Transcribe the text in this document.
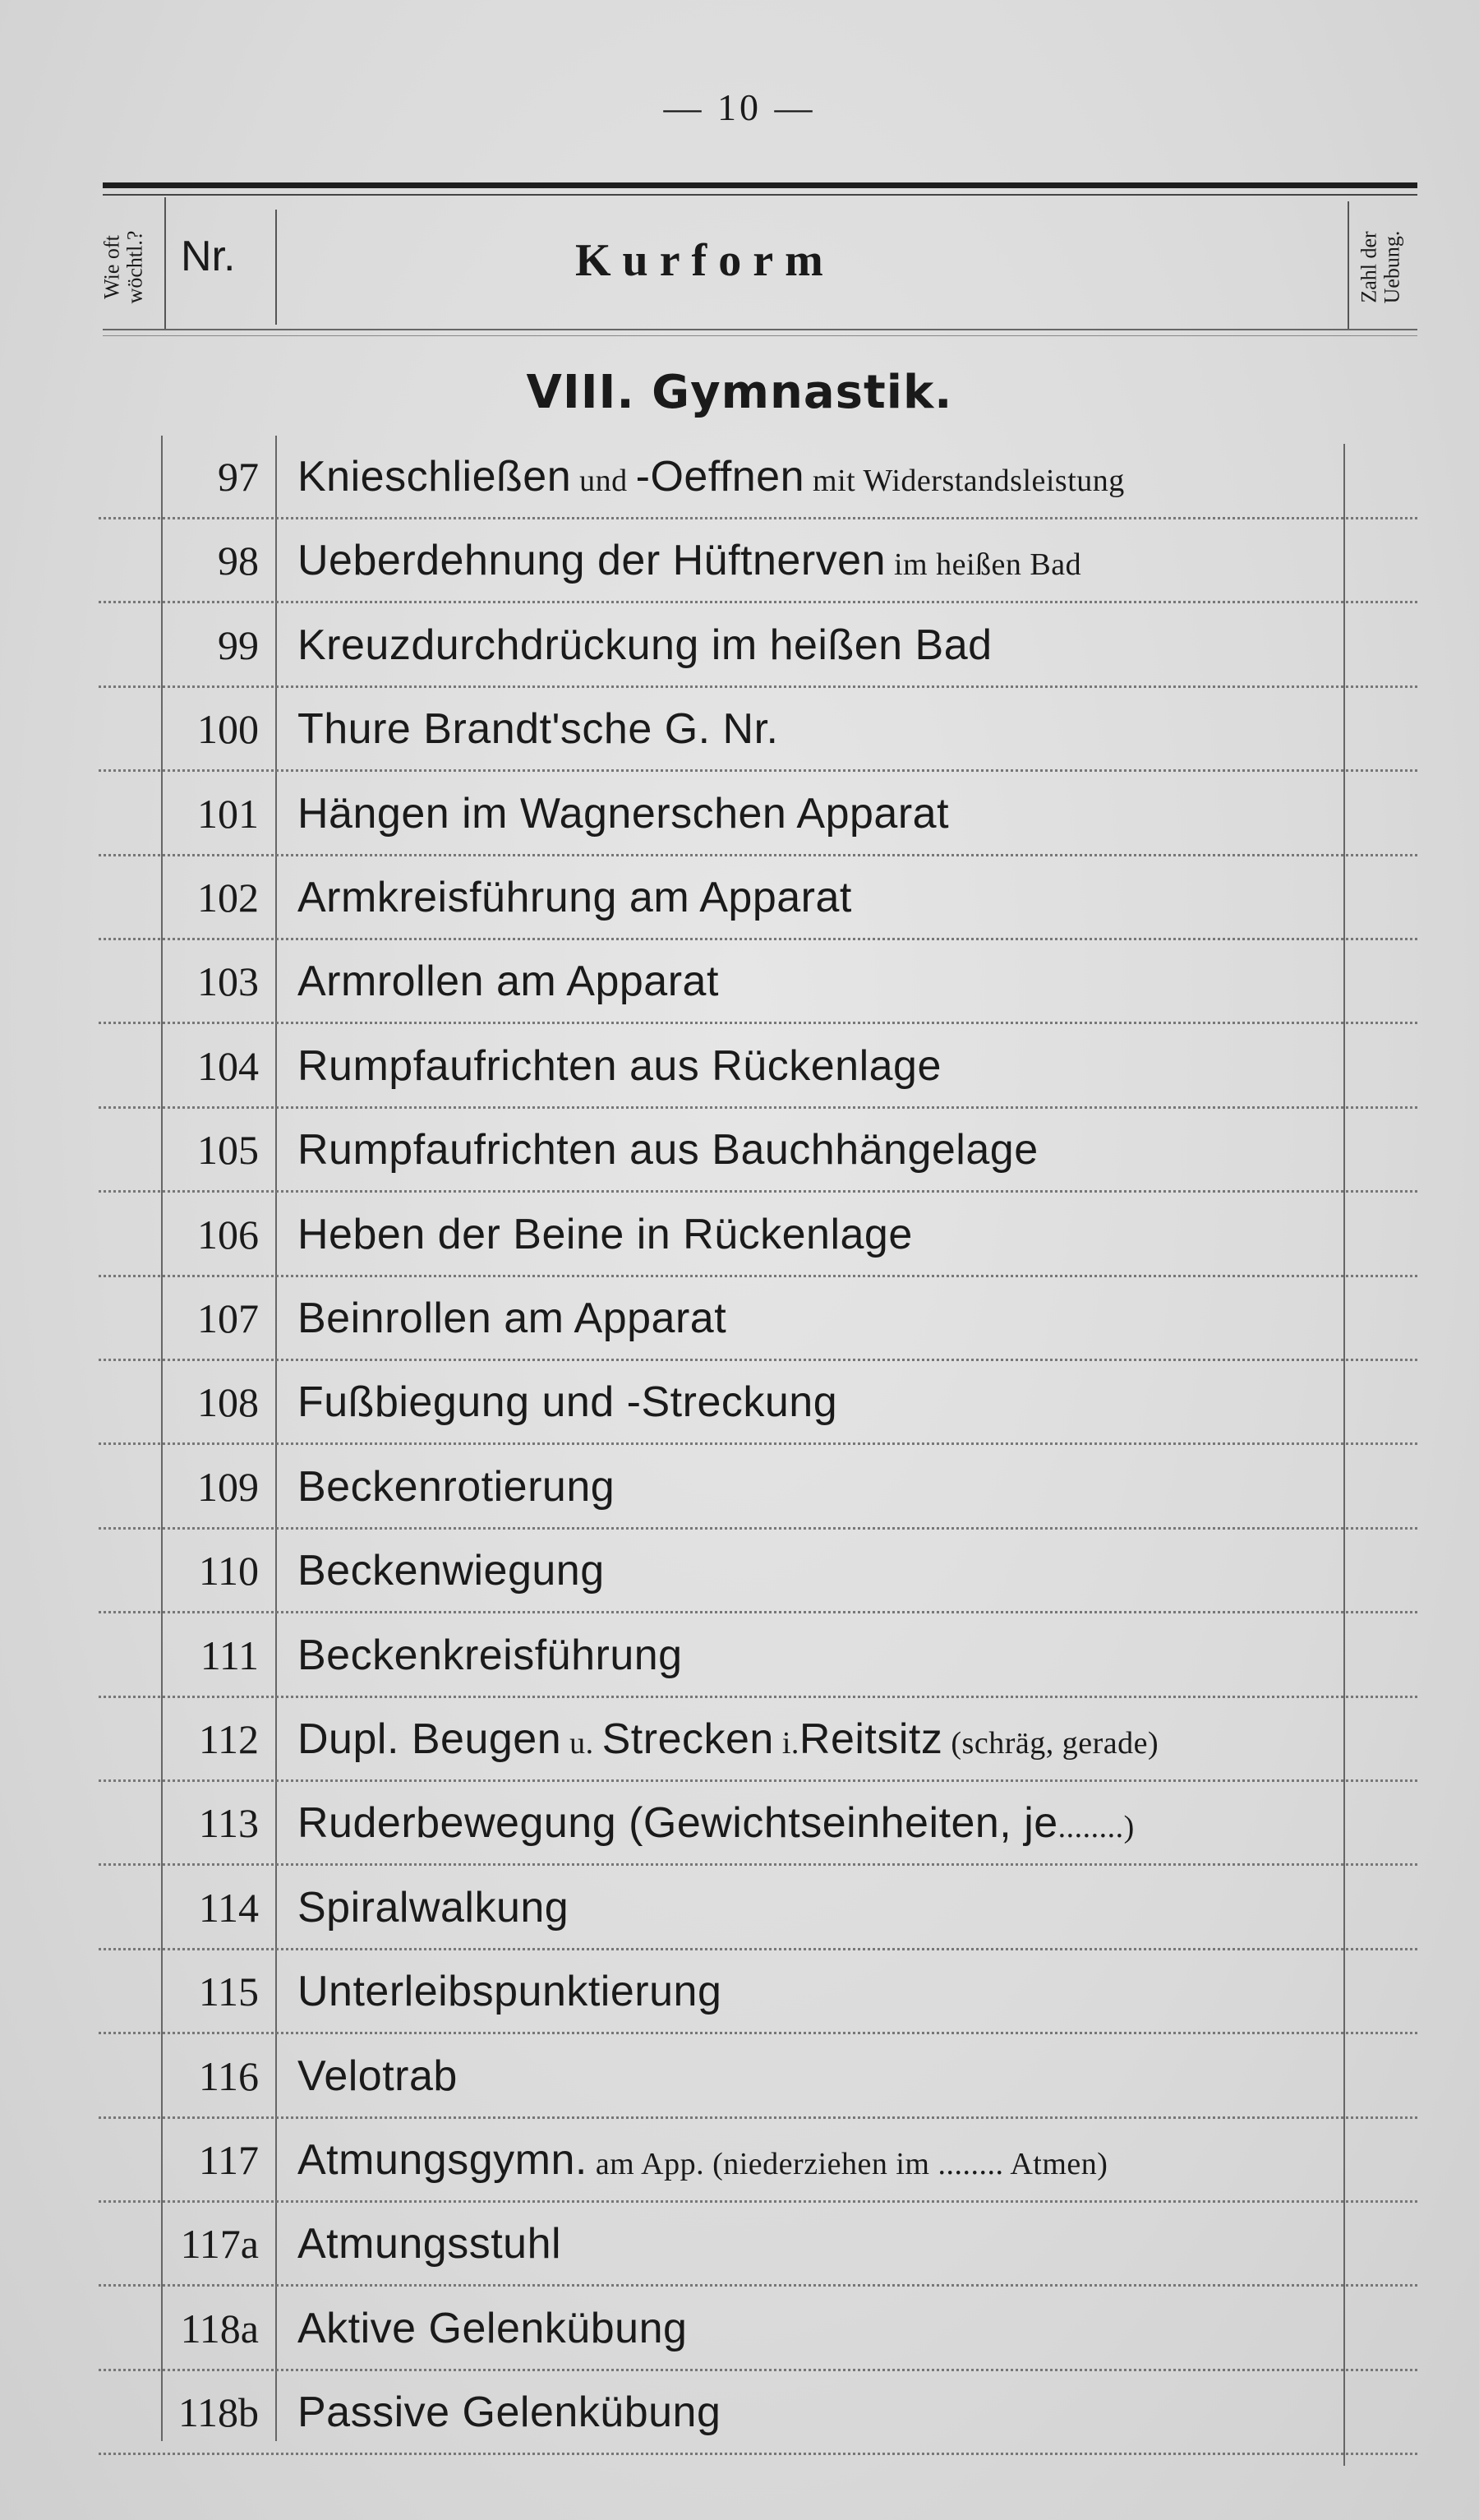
— 10 —
Wie oft
wöchtl.? Nr.	Kurform	Zahl der
Uebung.
VIII. Gymnastik.
97 Knieschließen und -Oeffnen mit Widerstandsleistung
98 Ueberdehnung der Hüftnerven im heißen Bad
99 Kreuzdurchdrückung im heißen Bad
100 Thure Brandt'sche G. Nr.
101 Hängen im Wagnerschen Apparat
102 Armkreisführung am Apparat
103 Armrollen am Apparat
104 Rumpfaufrichten aus Rückenlage
105 Rumpfaufrichten aus Bauchhängelage
106 Heben der Beine in Rückenlage
107 Beinrollen am Apparat
108 Fußbiegung und -Streckung
109 Beckenrotierung
110 Beckenwiegung
111 Beckenkreisführung
112 Dupl. Beugen u. Strecken i.Reitsitz (schräg, gerade)
113 Ruderbewegung (Gewichtseinheiten, je........)
114 Spiralwalkung
115 Unterleibspunktierung
116 Velotrab
117 Atmungsgymn. am App. (niederziehen im ........ Atmen)
117a Atmungsstuhl
118a Aktive Gelenkübung
118b Passive Gelenkübung
